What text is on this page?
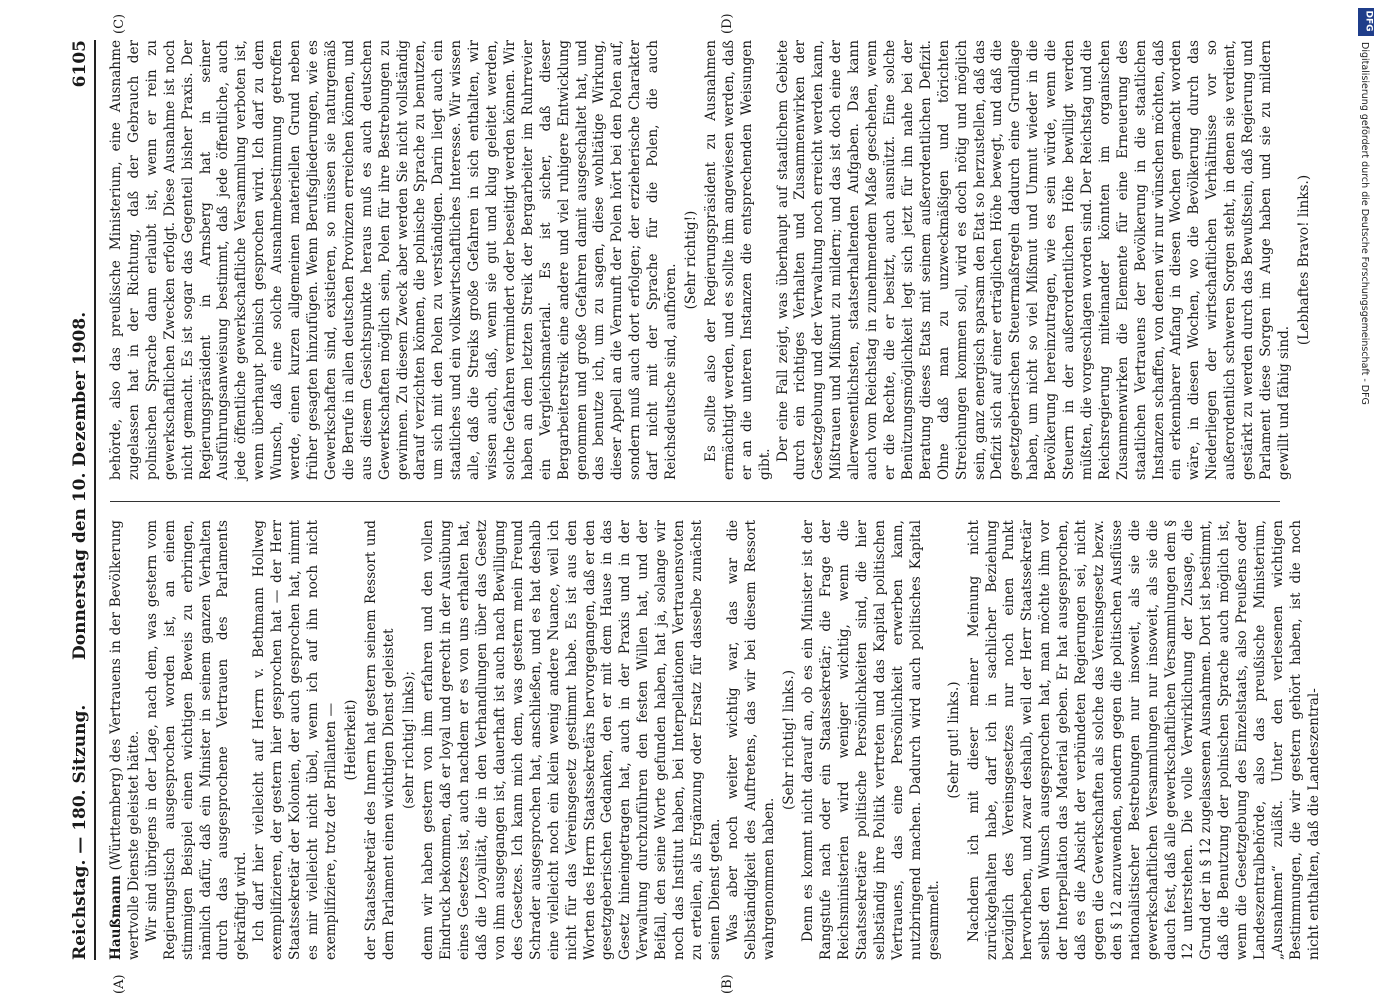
Reichstag. — 180. Sitzung.
Donnerstag den 10. Dezember 1908.
6105
(A)	(B)
(C)	(D)

Haußmann (Württemberg) des Vertrauens in der Bevölkerung wertvolle Dienste geleistet hätte. Wir sind übrigens in der Lage, nach dem, was gestern vom Regierungstisch ausgesprochen worden ist, an einem stimmigen Beispiel einen wichtigen Beweis zu erbringen, nämlich dafür, daß ein Minister in seinem ganzen Verhalten durch das ausgesprochene Vertrauen des Parlaments gekräftigt wird. Ich darf hier vielleicht auf Herrn v. Bethmann Hollweg exemplifizieren, der gestern hier gesprochen hat — der Herr Staatssekretär der Kolonien, der auch gesprochen hat, nimmt es mir vielleicht nicht übel, wenn ich auf ihn noch nicht exemplifiziere, trotz der Brillanten — (Heiterkeit) der Staatssekretär des Innern hat gestern seinem Ressort und dem Parlament einen wichtigen Dienst geleistet (sehr richtig! links); denn wir haben gestern von ihm erfahren und den vollen Eindruck bekommen, daß er loyal und gerecht in der Ausübung eines Gesetzes ist, auch nachdem er es von uns erhalten hat, daß die Loyalität, die in den Verhandlungen über das Gesetz von ihm ausgegangen ist, dauerhaft ist auch nach Bewilligung des Gesetzes. Ich kann mich dem, was gestern mein Freund Schrader ausgesprochen hat, anschließen, und es hat deshalb eine vielleicht noch ein klein wenig andere Nuance, weil ich nicht für das Vereinsgesetz gestimmt habe. Es ist aus den Worten des Herrn Staatssekretärs hervorgegangen, daß er den gesetzgeberischen Gedanken, den er mit dem Hause in das Gesetz hineingetragen hat, auch in der Praxis und in der Verwaltung durchzuführen den festen Willen hat, und der Beifall, den seine Worte gefunden haben, hat ja, solange wir noch das Institut haben, bei Interpellationen Vertrauensvoten zu erteilen, als Ergänzung oder Ersatz für dasselbe zunächst seinen Dienst getan. Was aber noch weiter wichtig war, das war die Selbständigkeit des Auftretens, das wir bei diesem Ressort wahrgenommen haben.

(Sehr richtig! links.) Denn es kommt nicht darauf an, ob es ein Minister ist der Rangstufe nach oder ein Staatssekretär; die Frage der Reichsministerien wird weniger wichtig, wenn die Staatssekretäre politische Persönlichkeiten sind, die hier selbständig ihre Politik vertreten und das Kapital politischen Vertrauens, das eine Persönlichkeit erwerben kann, nutzbringend machen. Dadurch wird auch politisches Kapital gesammelt.

(Sehr gut! links.) Nachdem ich mit dieser meiner Meinung nicht zurückgehalten habe, darf ich in sachlicher Beziehung bezüglich des Vereinsgesetzes nur noch einen Punkt hervorheben, und zwar deshalb, weil der Herr Staatssekretär selbst den Wunsch ausgesprochen hat, man möchte ihm vor der Interpellation das Material geben. Er hat ausgesprochen, daß es die Absicht der verbündeten Regierungen sei, nicht gegen die Gewerkschaften als solche das Vereinsgesetz bezw. den § 12 anzuwenden, sondern gegen die politischen Ausflüsse nationalistischer Bestrebungen nur insoweit, als sie die gewerkschaftlichen Versammlungen nur insoweit, als sie die dauch fest, daß alle gewerkschaftlichen Versammlungen dem § 12 unterstehen. Die volle Verwirklichung der Zusage, die Grund der in § 12 zugelassenen Ausnahmen. Dort ist bestimmt, daß die Benutzung der polnischen Sprache auch möglich ist, wenn die Gesetzgebung des Einzelstaats, also Preußens oder Landeszentralbehörde, also das preußische Ministerium, „Ausnahmen“ zuläßt. Unter den verlesenen wichtigen Bestimmungen, die wir gestern gehört haben, ist die noch nicht enthalten, daß die Landeszentral-

behörde, also das preußische Ministerium, eine Ausnahme zugelassen hat in der Richtung, daß der Gebrauch der polnischen Sprache dann erlaubt ist, wenn er rein zu gewerkschaftlichen Zwecken erfolgt. Diese Ausnahme ist noch nicht gemacht. Es ist sogar das Gegenteil bisher Praxis. Der Regierungspräsident in Arnsberg hat in seiner Ausführungsanweisung bestimmt, daß jede öffentliche, auch jede öffentliche gewerkschaftliche Versammlung verboten ist, wenn überhaupt polnisch gesprochen wird. Ich darf zu dem Wunsch, daß eine solche Ausnahmebestimmung getroffen werde, einen kurzen allgemeinen materiellen Grund neben früher gesagten hinzufügen. Wenn Berufsgliederungen, wie es Gewerkschaften sind, existieren, so müssen sie naturgemäß die Berufe in allen deutschen Provinzen erreichen können, und aus diesem Gesichtspunkte heraus muß es auch deutschen Gewerkschaften möglich sein, Polen für ihre Bestrebungen zu gewinnen. Zu diesem Zweck aber werden Sie nicht vollständig darauf verzichten können, die polnische Sprache zu benutzen, um sich mit den Polen zu verständigen. Darin liegt auch ein staatliches und ein volkswirtschaftliches Interesse. Wir wissen alle, daß die Streiks große Gefahren in sich enthalten, wir wissen auch, daß, wenn sie gut und klug geleitet werden, solche Gefahren vermindert oder beseitigt werden können. Wir haben an dem letzten Streik der Bergarbeiter im Ruhrrevier ein Vergleichsmaterial. Es ist sicher, daß dieser Bergarbeiterstreik eine andere und viel ruhigere Entwicklung genommen und große Gefahren damit ausgeschaltet hat, und das benutze ich, um zu sagen, diese wohltätige Wirkung, dieser Appell an die Vernunft der Polen hört bei den Polen auf, sondern muß auch dort erfolgen; der erzieherische Charakter darf nicht mit der Sprache für die Polen, die auch Reichsdeutsche sind, aufhören.

(Sehr richtig!) Es sollte also der Regierungspräsident zu Ausnahmen ermächtigt werden, und es sollte ihm angewiesen werden, daß er an die unteren Instanzen die entsprechenden Weisungen gibt.

Der eine Fall zeigt, was überhaupt auf staatlichem Gebiete durch ein richtiges Verhalten und Zusammenwirken der Gesetzgebung und der Verwaltung noch erreicht werden kann, Mißtrauen und Mißmut zu mildern; und das ist doch eine der allerwesentlichsten, staatserhaltenden Aufgaben. Das kann auch vom Reichstag in zunehmendem Maße geschehen, wenn er die Rechte, die er besitzt, auch ausnützt. Eine solche Benützungsmöglichkeit legt sich jetzt für ihn nahe bei der Beratung dieses Etats mit seinem außerordentlichen Defizit. Ohne daß man zu unzweckmäßigen und törichten Streichungen kommen soll, wird es doch nötig und möglich sein, ganz energisch sparsam den Etat so herzustellen, daß das Defizit sich auf einer erträglichen Höhe bewegt, und daß die gesetzgeberischen Steuermaßregeln dadurch eine Grundlage haben, um nicht so viel Mißmut und Unmut wieder in die Bevölkerung hereinzutragen, wie es sein würde, wenn die Steuern in der außerordentlichen Höhe bewilligt werden müßten, die vorgeschlagen worden sind. Der Reichstag und die Reichsregierung miteinander könnten im organischen Zusammenwirken die Elemente für eine Erneuerung des staatlichen Vertrauens der Bevölkerung in die staatlichen Instanzen schaffen, von denen wir nur wünschen möchten, daß ein erkennbarer Anfang in diesen Wochen gemacht worden wäre, in diesen Wochen, wo die Bevölkerung durch das Niederliegen der wirtschaftlichen Verhältnisse vor so außerordentlich schweren Sorgen steht, in denen sie verdient, gestärkt zu werden durch das Bewußtsein, daß Regierung und Parlament diese Sorgen im Auge haben und sie zu mildern gewillt und fähig sind.

(Lebhaftes Bravo! links.)

DFG
Digitalisierung gefördert durch die Deutsche Forschungsgemeinschaft - DFG
